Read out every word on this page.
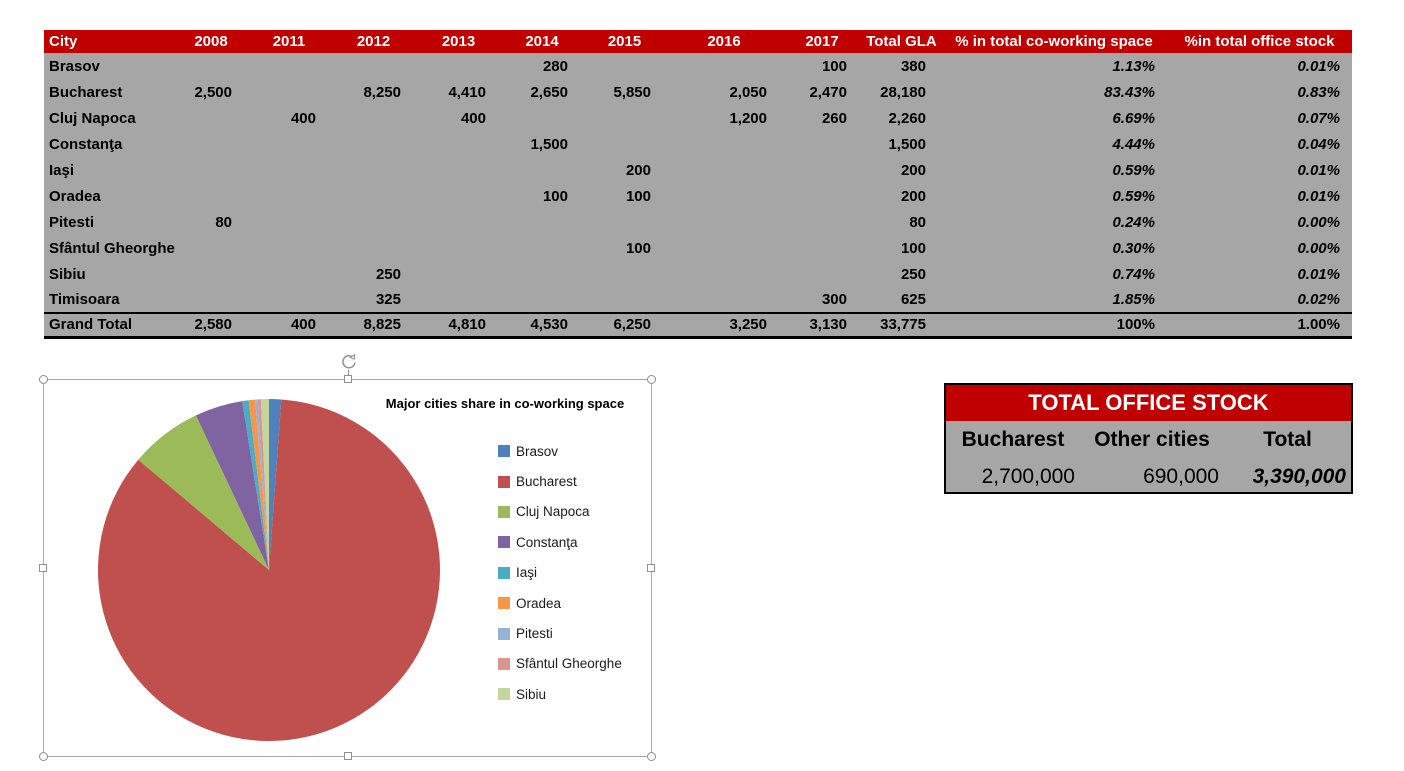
City	2008	2011	2012	2013	2014	2015	2016	2017	Total GLA	% in total co-working space	%in total office stock
Brasov					280			100	380	1.13%	0.01%
Bucharest	2,500		8,250	4,410	2,650	5,850	2,050	2,470	28,180	83.43%	0.83%
Cluj Napoca		400		400			1,200	260	2,260	6.69%	0.07%
Constanţa					1,500				1,500	4.44%	0.04%
Iaşi						200			200	0.59%	0.01%
Oradea					100	100			200	0.59%	0.01%
Pitesti	80								80	0.24%	0.00%
Sfântul Gheorghe						100			100	0.30%	0.00%
Sibiu			250						250	0.74%	0.01%
Timisoara			325					300	625	1.85%	0.02%
Grand Total	2,580	400	8,825	4,810	4,530	6,250	3,250	3,130	33,775	100%	1.00%
Major cities share in co-working space
Brasov
Bucharest
Cluj Napoca
Constanţa
Iaşi
Oradea
Pitesti
Sfântul Gheorghe
Sibiu
TOTAL OFFICE STOCK
Bucharest	Other cities	Total
2,700,000	690,000	3,390,000
